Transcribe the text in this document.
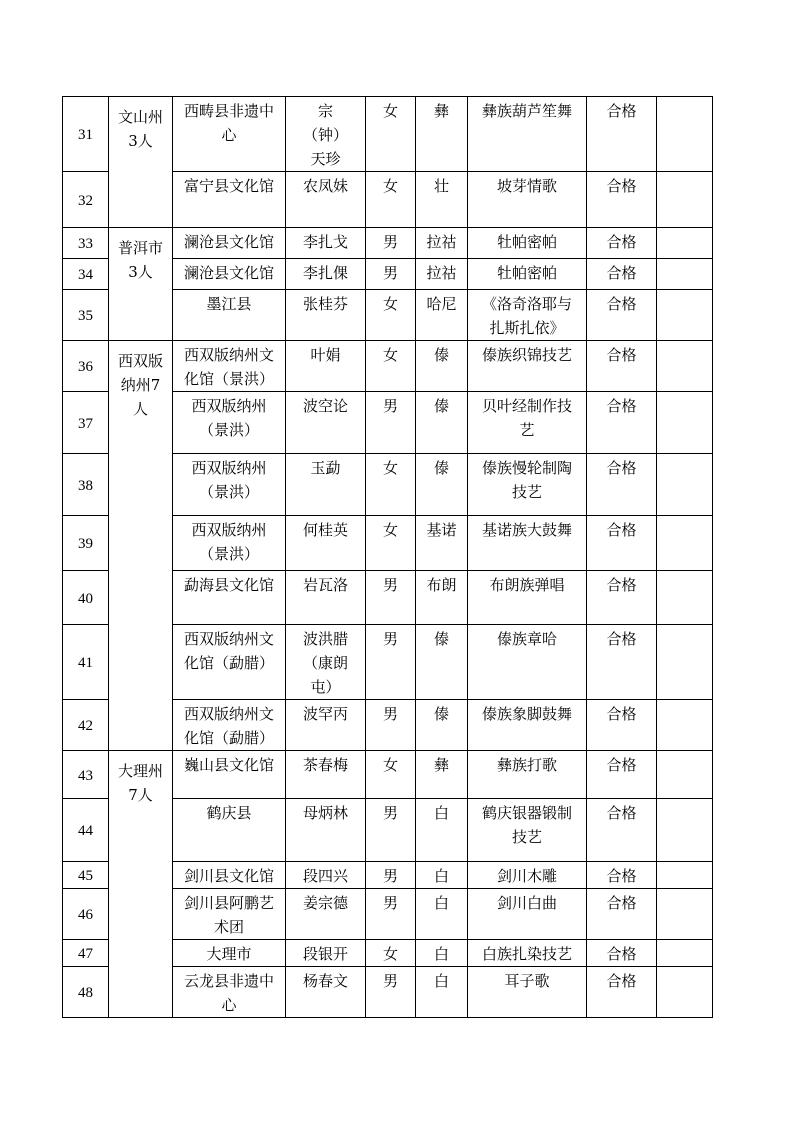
31	文山州3人	西畴县非遗中心	宗（钟）天珍	女	彝	彝族葫芦笙舞	合格	

32		富宁县文化馆	农凤妹	女	壮	坡芽情歌	合格	

33	普洱市3人	澜沧县文化馆	李扎戈	男	拉祜	牡帕密帕	合格	

34		澜沧县文化馆	李扎倮	男	拉祜	牡帕密帕	合格	

35		墨江县	张桂芬	女	哈尼	《洛奇洛耶与扎斯扎依》	合格	

36	西双版纳州7人	西双版纳州文化馆（景洪）	叶娟	女	傣	傣族织锦技艺	合格	

37		西双版纳州（景洪）	波空论	男	傣	贝叶经制作技艺	合格	

38		西双版纳州（景洪）	玉勐	女	傣	傣族慢轮制陶技艺	合格	

39		西双版纳州（景洪）	何桂英	女	基诺	基诺族大鼓舞	合格	

40		勐海县文化馆	岩瓦洛	男	布朗	布朗族弹唱	合格	

41		西双版纳州文化馆（勐腊）	波洪腊（康朗屯）	男	傣	傣族章哈	合格	

42		西双版纳州文化馆（勐腊）	波罕丙	男	傣	傣族象脚鼓舞	合格	

43	大理州7人	巍山县文化馆	茶春梅	女	彝	彝族打歌	合格	

44		鹤庆县	母炳林	男	白	鹤庆银器锻制技艺	合格	

45		剑川县文化馆	段四兴	男	白	剑川木雕	合格	

46		剑川县阿鹏艺术团	姜宗德	男	白	剑川白曲	合格	

47		大理市	段银开	女	白	白族扎染技艺	合格	

48		云龙县非遗中心	杨春文	男	白	耳子歌	合格	
